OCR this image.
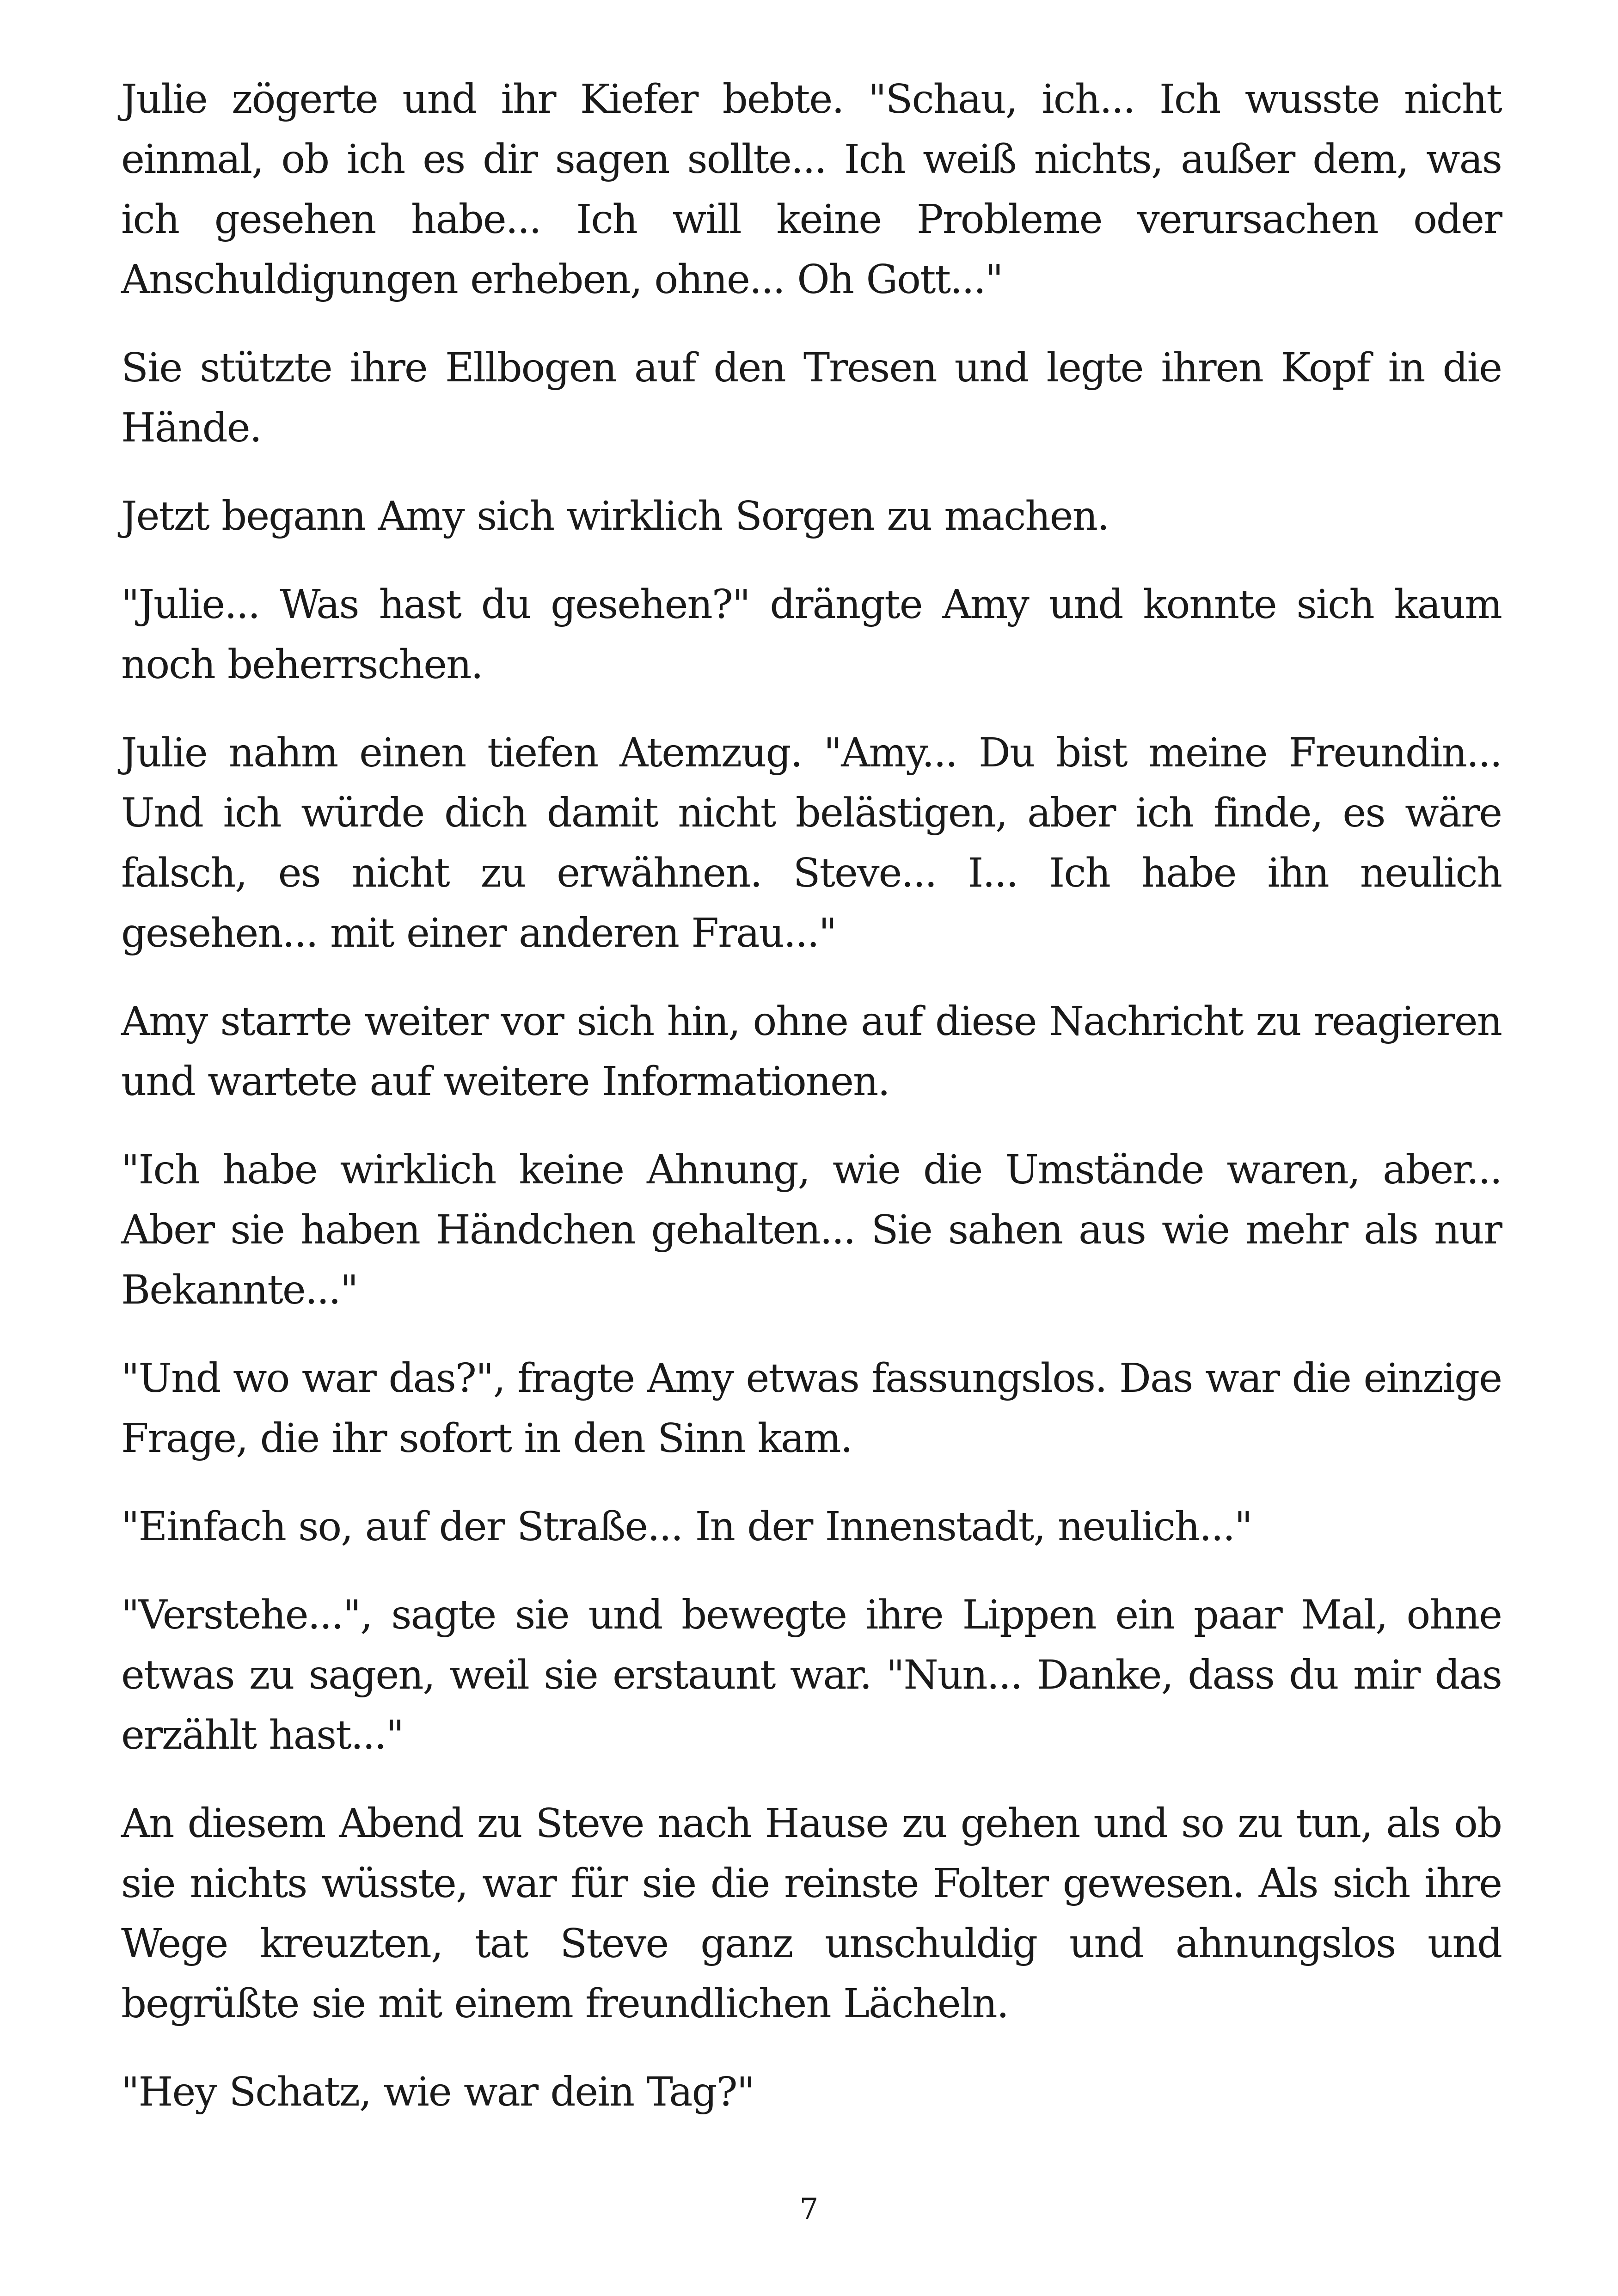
Julie zögerte und ihr Kiefer bebte. "Schau, ich... Ich wusste nicht einmal, ob ich es dir sagen sollte... Ich weiß nichts, außer dem, was ich gesehen habe... Ich will keine Probleme verursachen oder Anschuldigungen erheben, ohne... Oh Gott..."

Sie stützte ihre Ellbogen auf den Tresen und legte ihren Kopf in die Hände.

Jetzt begann Amy sich wirklich Sorgen zu machen.

"Julie... Was hast du gesehen?" drängte Amy und konnte sich kaum noch beherrschen.

Julie nahm einen tiefen Atemzug. "Amy... Du bist meine Freundin... Und ich würde dich damit nicht belästigen, aber ich finde, es wäre falsch, es nicht zu erwähnen. Steve... I... Ich habe ihn neulich gesehen... mit einer anderen Frau..."

Amy starrte weiter vor sich hin, ohne auf diese Nachricht zu reagieren und wartete auf weitere Informationen.

"Ich habe wirklich keine Ahnung, wie die Umstände waren, aber... Aber sie haben Händchen gehalten... Sie sahen aus wie mehr als nur Bekannte..."

"Und wo war das?", fragte Amy etwas fassungslos. Das war die einzige Frage, die ihr sofort in den Sinn kam.

"Einfach so, auf der Straße... In der Innenstadt, neulich..."

"Verstehe...", sagte sie und bewegte ihre Lippen ein paar Mal, ohne etwas zu sagen, weil sie erstaunt war. "Nun... Danke, dass du mir das erzählt hast..."

An diesem Abend zu Steve nach Hause zu gehen und so zu tun, als ob sie nichts wüsste, war für sie die reinste Folter gewesen. Als sich ihre Wege kreuzten, tat Steve ganz unschuldig und ahnungslos und begrüßte sie mit einem freundlichen Lächeln.

"Hey Schatz, wie war dein Tag?"

7
